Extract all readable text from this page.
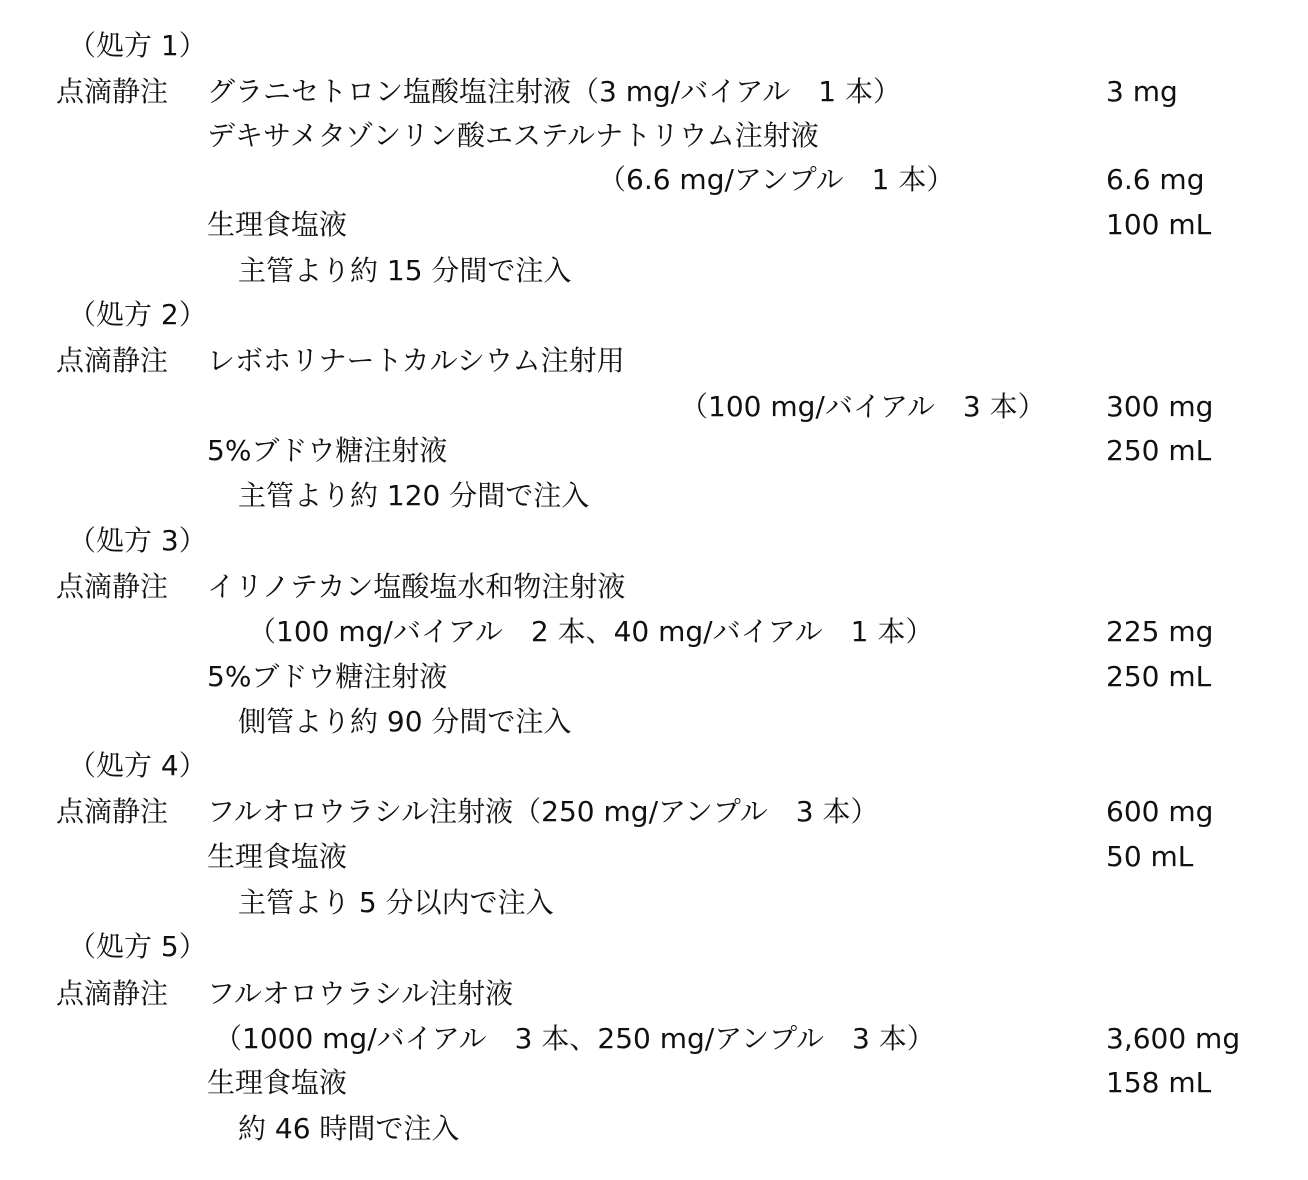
（処方 1）
点滴静注 グラニセトロン塩酸塩注射液（3 mg/バイアル　1 本）	3 mg
デキサメタゾンリン酸エステルナトリウム注射液
（6.6 mg/アンプル　1 本）	6.6 mg
生理食塩液	100 mL
主管より約 15 分間で注入
（処方 2）
点滴静注 レボホリナートカルシウム注射用
（100 mg/バイアル　3 本） 300 mg
5%ブドウ糖注射液	250 mL
主管より約 120 分間で注入
（処方 3）
点滴静注 イリノテカン塩酸塩水和物注射液
（100 mg/バイアル　2 本、40 mg/バイアル　1 本）	225 mg
5%ブドウ糖注射液	250 mL
側管より約 90 分間で注入
（処方 4）
点滴静注 フルオロウラシル注射液（250 mg/アンプル　3 本）	600 mg
生理食塩液	50 mL
主管より 5 分以内で注入
（処方 5）
点滴静注 フルオロウラシル注射液
（1000 mg/バイアル　3 本、250 mg/アンプル　3 本）	3,600 mg
生理食塩液	158 mL
約 46 時間で注入
